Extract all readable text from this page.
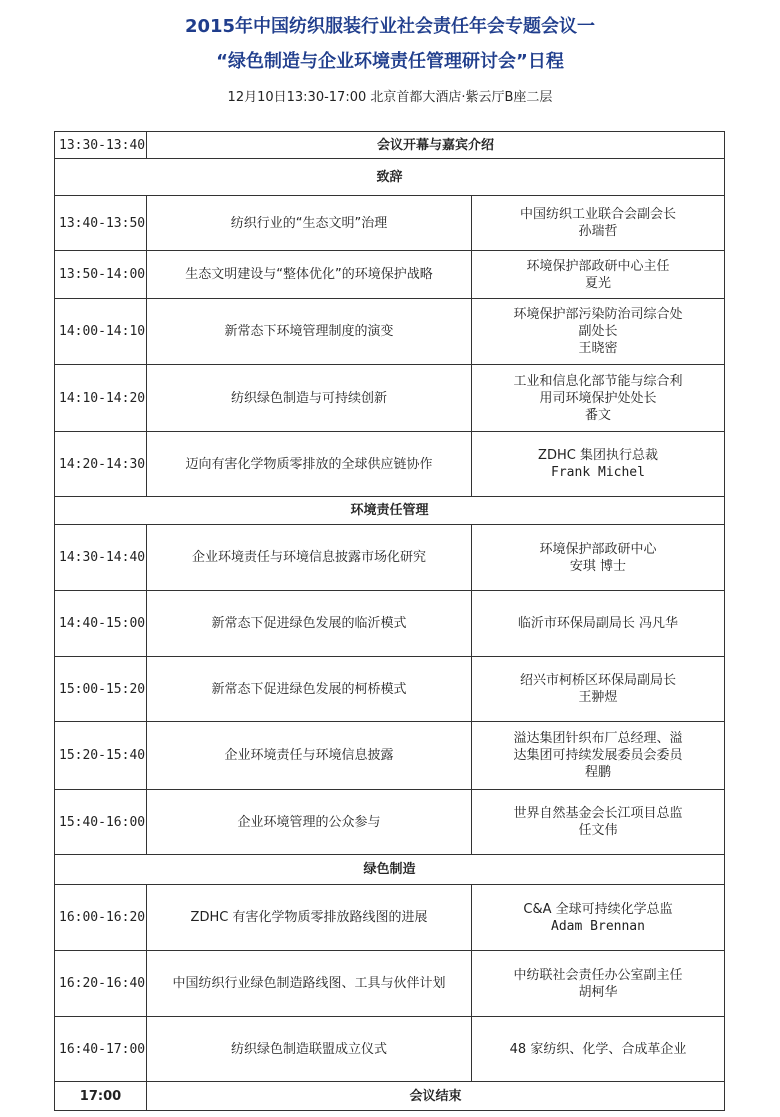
2015年中国纺织服装行业社会责任年会专题会议一
“绿色制造与企业环境责任管理研讨会”日程
12月10日13:30-17:00 北京首都大酒店·紫云厅B座二层
13:30-13:40	会议开幕与嘉宾介绍	
致辞		
13:40-13:50	纺织行业的“生态文明”治理	中国纺织工业联合会副会长
孙瑞哲

13:50-14:00	生态文明建设与“整体优化”的环境保护战略	环境保护部政研中心主任
夏光

14:00-14:10	新常态下环境管理制度的演变	环境保护部污染防治司综合处
副处长
王晓密

14:10-14:20	纺织绿色制造与可持续创新	工业和信息化部节能与综合利
用司环境保护处处长
番文

14:20-14:30	迈向有害化学物质零排放的全球供应链协作	ZDHC 集团执行总裁
Frank Michel

环境责任管理		
14:30-14:40	企业环境责任与环境信息披露市场化研究	环境保护部政研中心
安琪 博士

14:40-15:00	新常态下促进绿色发展的临沂模式	临沂市环保局副局长 冯凡华

15:00-15:20	新常态下促进绿色发展的柯桥模式	绍兴市柯桥区环保局副局长
王翀煜

15:20-15:40	企业环境责任与环境信息披露	溢达集团针织布厂总经理、溢
达集团可持续发展委员会委员
程鹏

15:40-16:00	企业环境管理的公众参与	世界自然基金会长江项目总监
任文伟

绿色制造		
16:00-16:20	ZDHC 有害化学物质零排放路线图的进展	C&A 全球可持续化学总监
Adam Brennan

16:20-16:40	中国纺织行业绿色制造路线图、工具与伙伴计划	中纺联社会责任办公室副主任
胡柯华

16:40-17:00	纺织绿色制造联盟成立仪式	48 家纺织、化学、合成革企业

17:00	会议结束	
